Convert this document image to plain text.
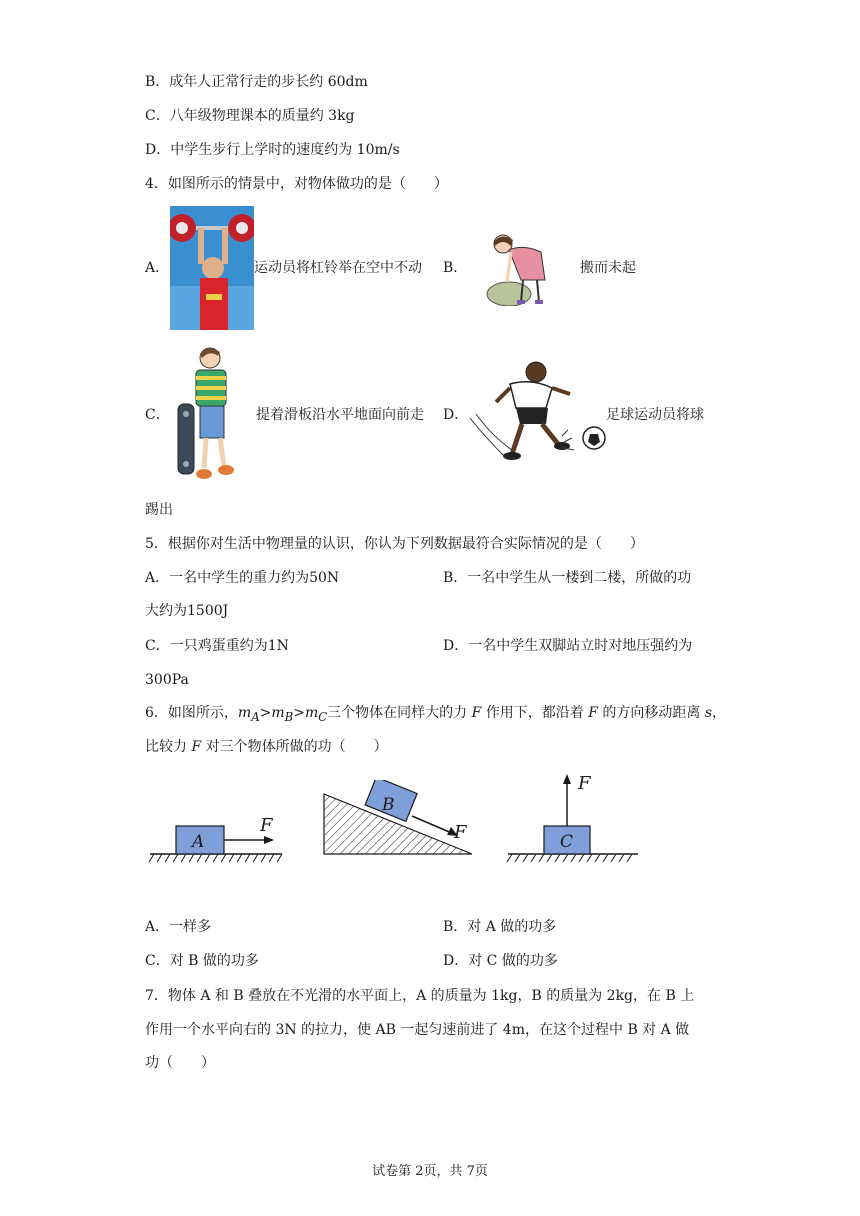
B．成年人正常行走的步长约 60dm
C．八年级物理课本的质量约 3kg
D．中学生步行上学时的速度约为 10m/s
4．如图所示的情景中，对物体做功的是（　　）
A．	运动员将杠铃举在空中不动 B．	搬而未起
C．	提着滑板沿水平地面向前走 D．	足球运动员将球
踢出
5．根据你对生活中物理量的认识，你认为下列数据最符合实际情况的是（　　）
A．一名中学生的重力约为50N	B．一名中学生从一楼到二楼，所做的功
大约为1500J
C．一只鸡蛋重约为1N	D．一名中学生双脚站立时对地压强约为
300Pa
6．如图所示，$m_A>m_B>m_C$三个物体在同样大的力 F 作用下，都沿着 F 的方向移动距离 s，
比较力 F 对三个物体所做的功（　　）
A
F
B
F	C
F
A．一样多	B．对 A 做的功多
C．对 B 做的功多	D．对 C 做的功多
7．物体 A 和 B 叠放在不光滑的水平面上，A 的质量为 1kg，B 的质量为 2kg，在 B 上
作用一个水平向右的 3N 的拉力，使 AB 一起匀速前进了 4m，在这个过程中 B 对 A 做
功（　　）
试卷第 2页，共 7页
